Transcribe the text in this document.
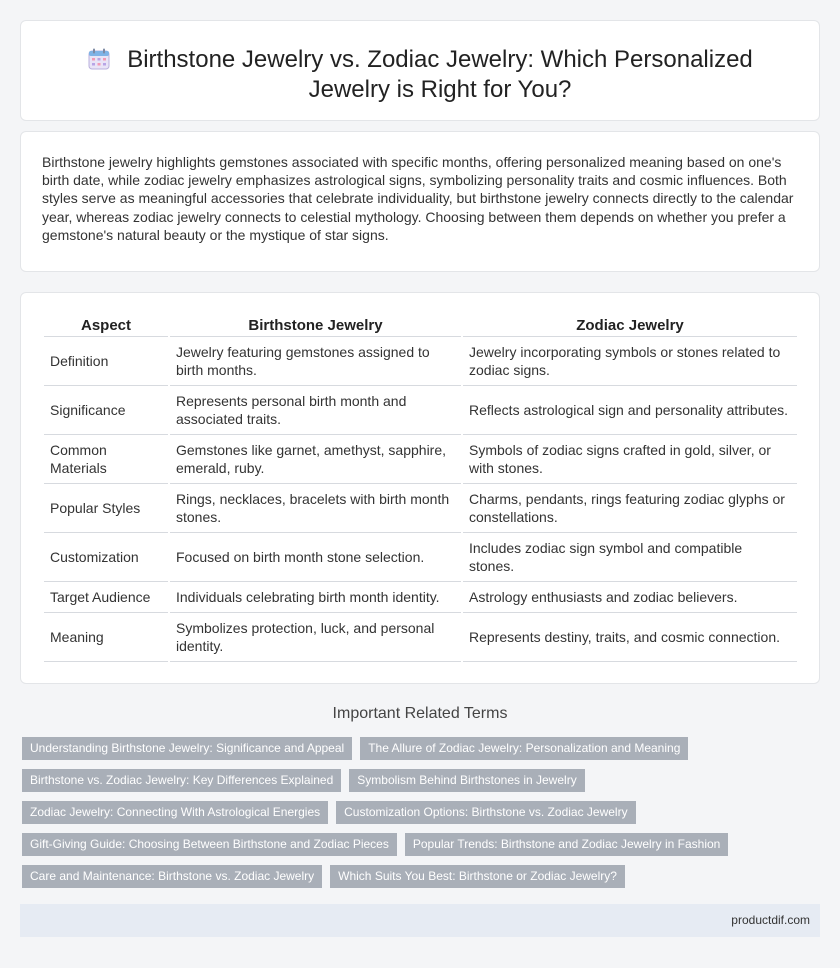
Birthstone Jewelry vs. Zodiac Jewelry: Which Personalized Jewelry is Right for You?

Birthstone jewelry highlights gemstones associated with specific months, offering personalized meaning based on one's birth date, while zodiac jewelry emphasizes astrological signs, symbolizing personality traits and cosmic influences. Both styles serve as meaningful accessories that celebrate individuality, but birthstone jewelry connects directly to the calendar year, whereas zodiac jewelry connects to celestial mythology. Choosing between them depends on whether you prefer a gemstone's natural beauty or the mystique of star signs.

Aspect	Birthstone Jewelry	Zodiac Jewelry
Definition	Jewelry featuring gemstones assigned to birth months.	Jewelry incorporating symbols or stones related to zodiac signs.
Significance	Represents personal birth month and associated traits.	Reflects astrological sign and personality attributes.
Common Materials	Gemstones like garnet, amethyst, sapphire, emerald, ruby.	Symbols of zodiac signs crafted in gold, silver, or with stones.
Popular Styles	Rings, necklaces, bracelets with birth month stones.	Charms, pendants, rings featuring zodiac glyphs or constellations.
Customization	Focused on birth month stone selection.	Includes zodiac sign symbol and compatible stones.
Target Audience	Individuals celebrating birth month identity.	Astrology enthusiasts and zodiac believers.
Meaning	Symbolizes protection, luck, and personal identity.	Represents destiny, traits, and cosmic connection.
Important Related Terms
Understanding Birthstone Jewelry: Significance and Appeal	The Allure of Zodiac Jewelry: Personalization and Meaning
Birthstone vs. Zodiac Jewelry: Key Differences Explained	Symbolism Behind Birthstones in Jewelry
Zodiac Jewelry: Connecting With Astrological Energies	Customization Options: Birthstone vs. Zodiac Jewelry
Gift-Giving Guide: Choosing Between Birthstone and Zodiac Pieces	Popular Trends: Birthstone and Zodiac Jewelry in Fashion
Care and Maintenance: Birthstone vs. Zodiac Jewelry	Which Suits You Best: Birthstone or Zodiac Jewelry?
productdif.com
